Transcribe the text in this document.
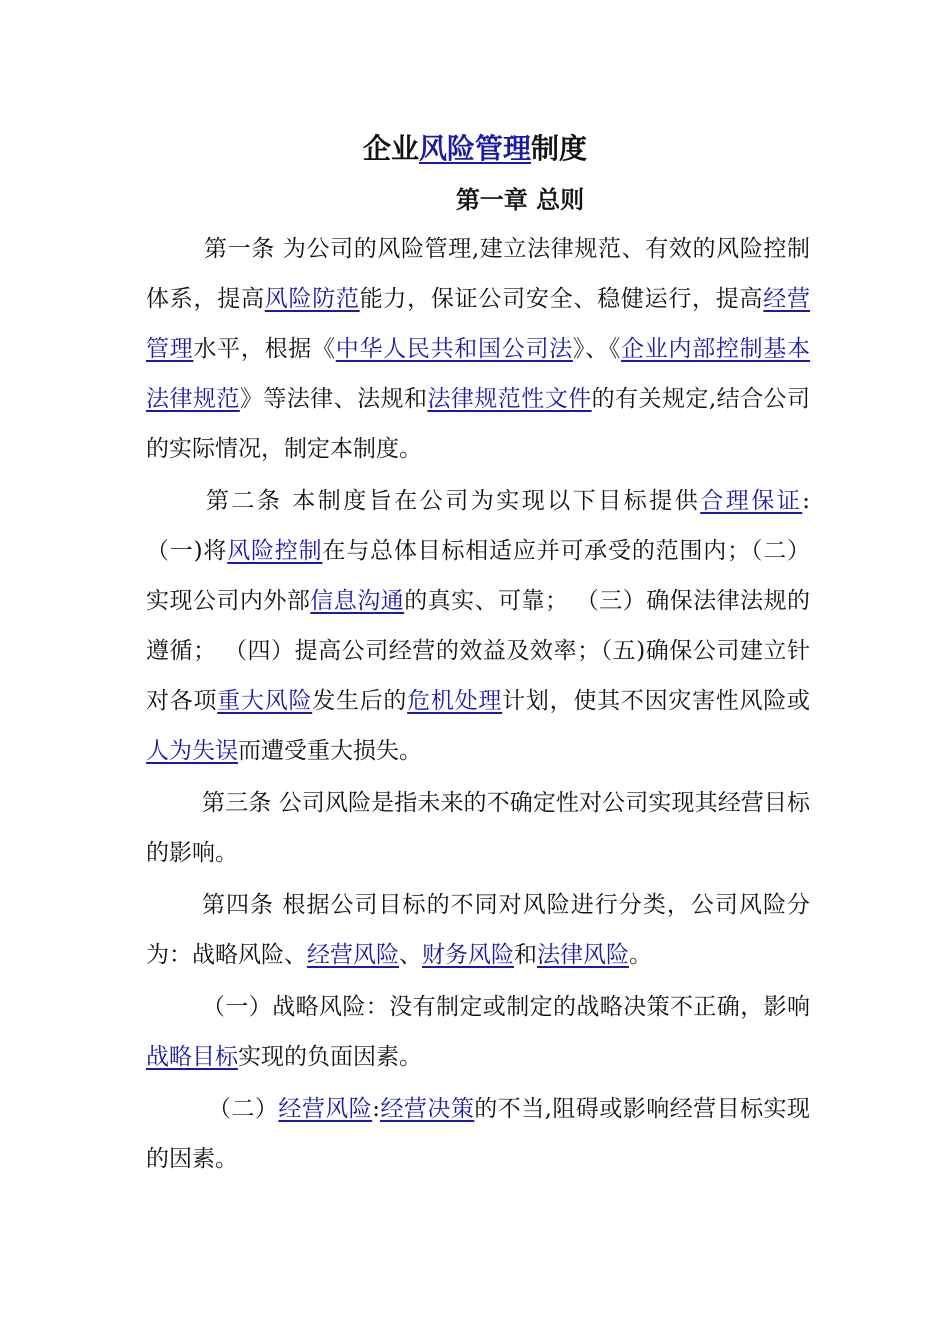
企业风险管理制度
第一章 总则

第一条 为公司的风险管理,建立法律规范、有效的风险控制体系，提高风险防范能力，保证公司安全、稳健运行，提高经营管理水平，根据《中华人民共和国公司法》、《企业内部控制基本法律规范》等法律、法规和法律规范性文件的有关规定,结合公司的实际情况，制定本制度。

第二条 本制度旨在公司为实现以下目标提供合理保证: （一)将风险控制在与总体目标相适应并可承受的范围内；（二）实现公司内外部信息沟通的真实、可靠； （三）确保法律法规的遵循； （四）提高公司经营的效益及效率；（五)确保公司建立针对各项重大风险发生后的危机处理计划，使其不因灾害性风险或人为失误而遭受重大损失。

第三条 公司风险是指未来的不确定性对公司实现其经营目标的影响。

第四条 根据公司目标的不同对风险进行分类，公司风险分为：战略风险、经营风险、财务风险和法律风险。

（一）战略风险：没有制定或制定的战略决策不正确，影响战略目标实现的负面因素。

（二）经营风险:经营决策的不当,阻碍或影响经营目标实现的因素。
